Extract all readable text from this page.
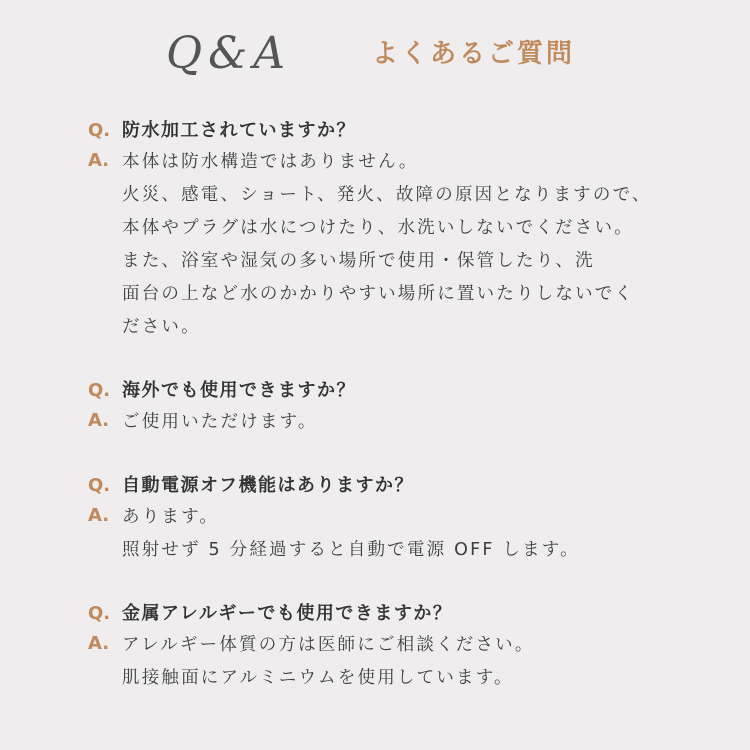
Q&A	よくあるご質問
Q. 防水加工されていますか？
A. 本体は防水構造ではありません。
火災、感電、ショート、発火、故障の原因となりますので、
本体やプラグは水につけたり、水洗いしないでください。
また、浴室や湿気の多い場所で使用・保管したり、洗
面台の上など水のかかりやすい場所に置いたりしないでく
ださい。
Q. 海外でも使用できますか？
A. ご使用いただけます。
Q. 自動電源オフ機能はありますか？
A. あります。
照射せず 5 分経過すると自動で電源 OFF します。
Q. 金属アレルギーでも使用できますか？
A. アレルギー体質の方は医師にご相談ください。
肌接触面にアルミニウムを使用しています。
